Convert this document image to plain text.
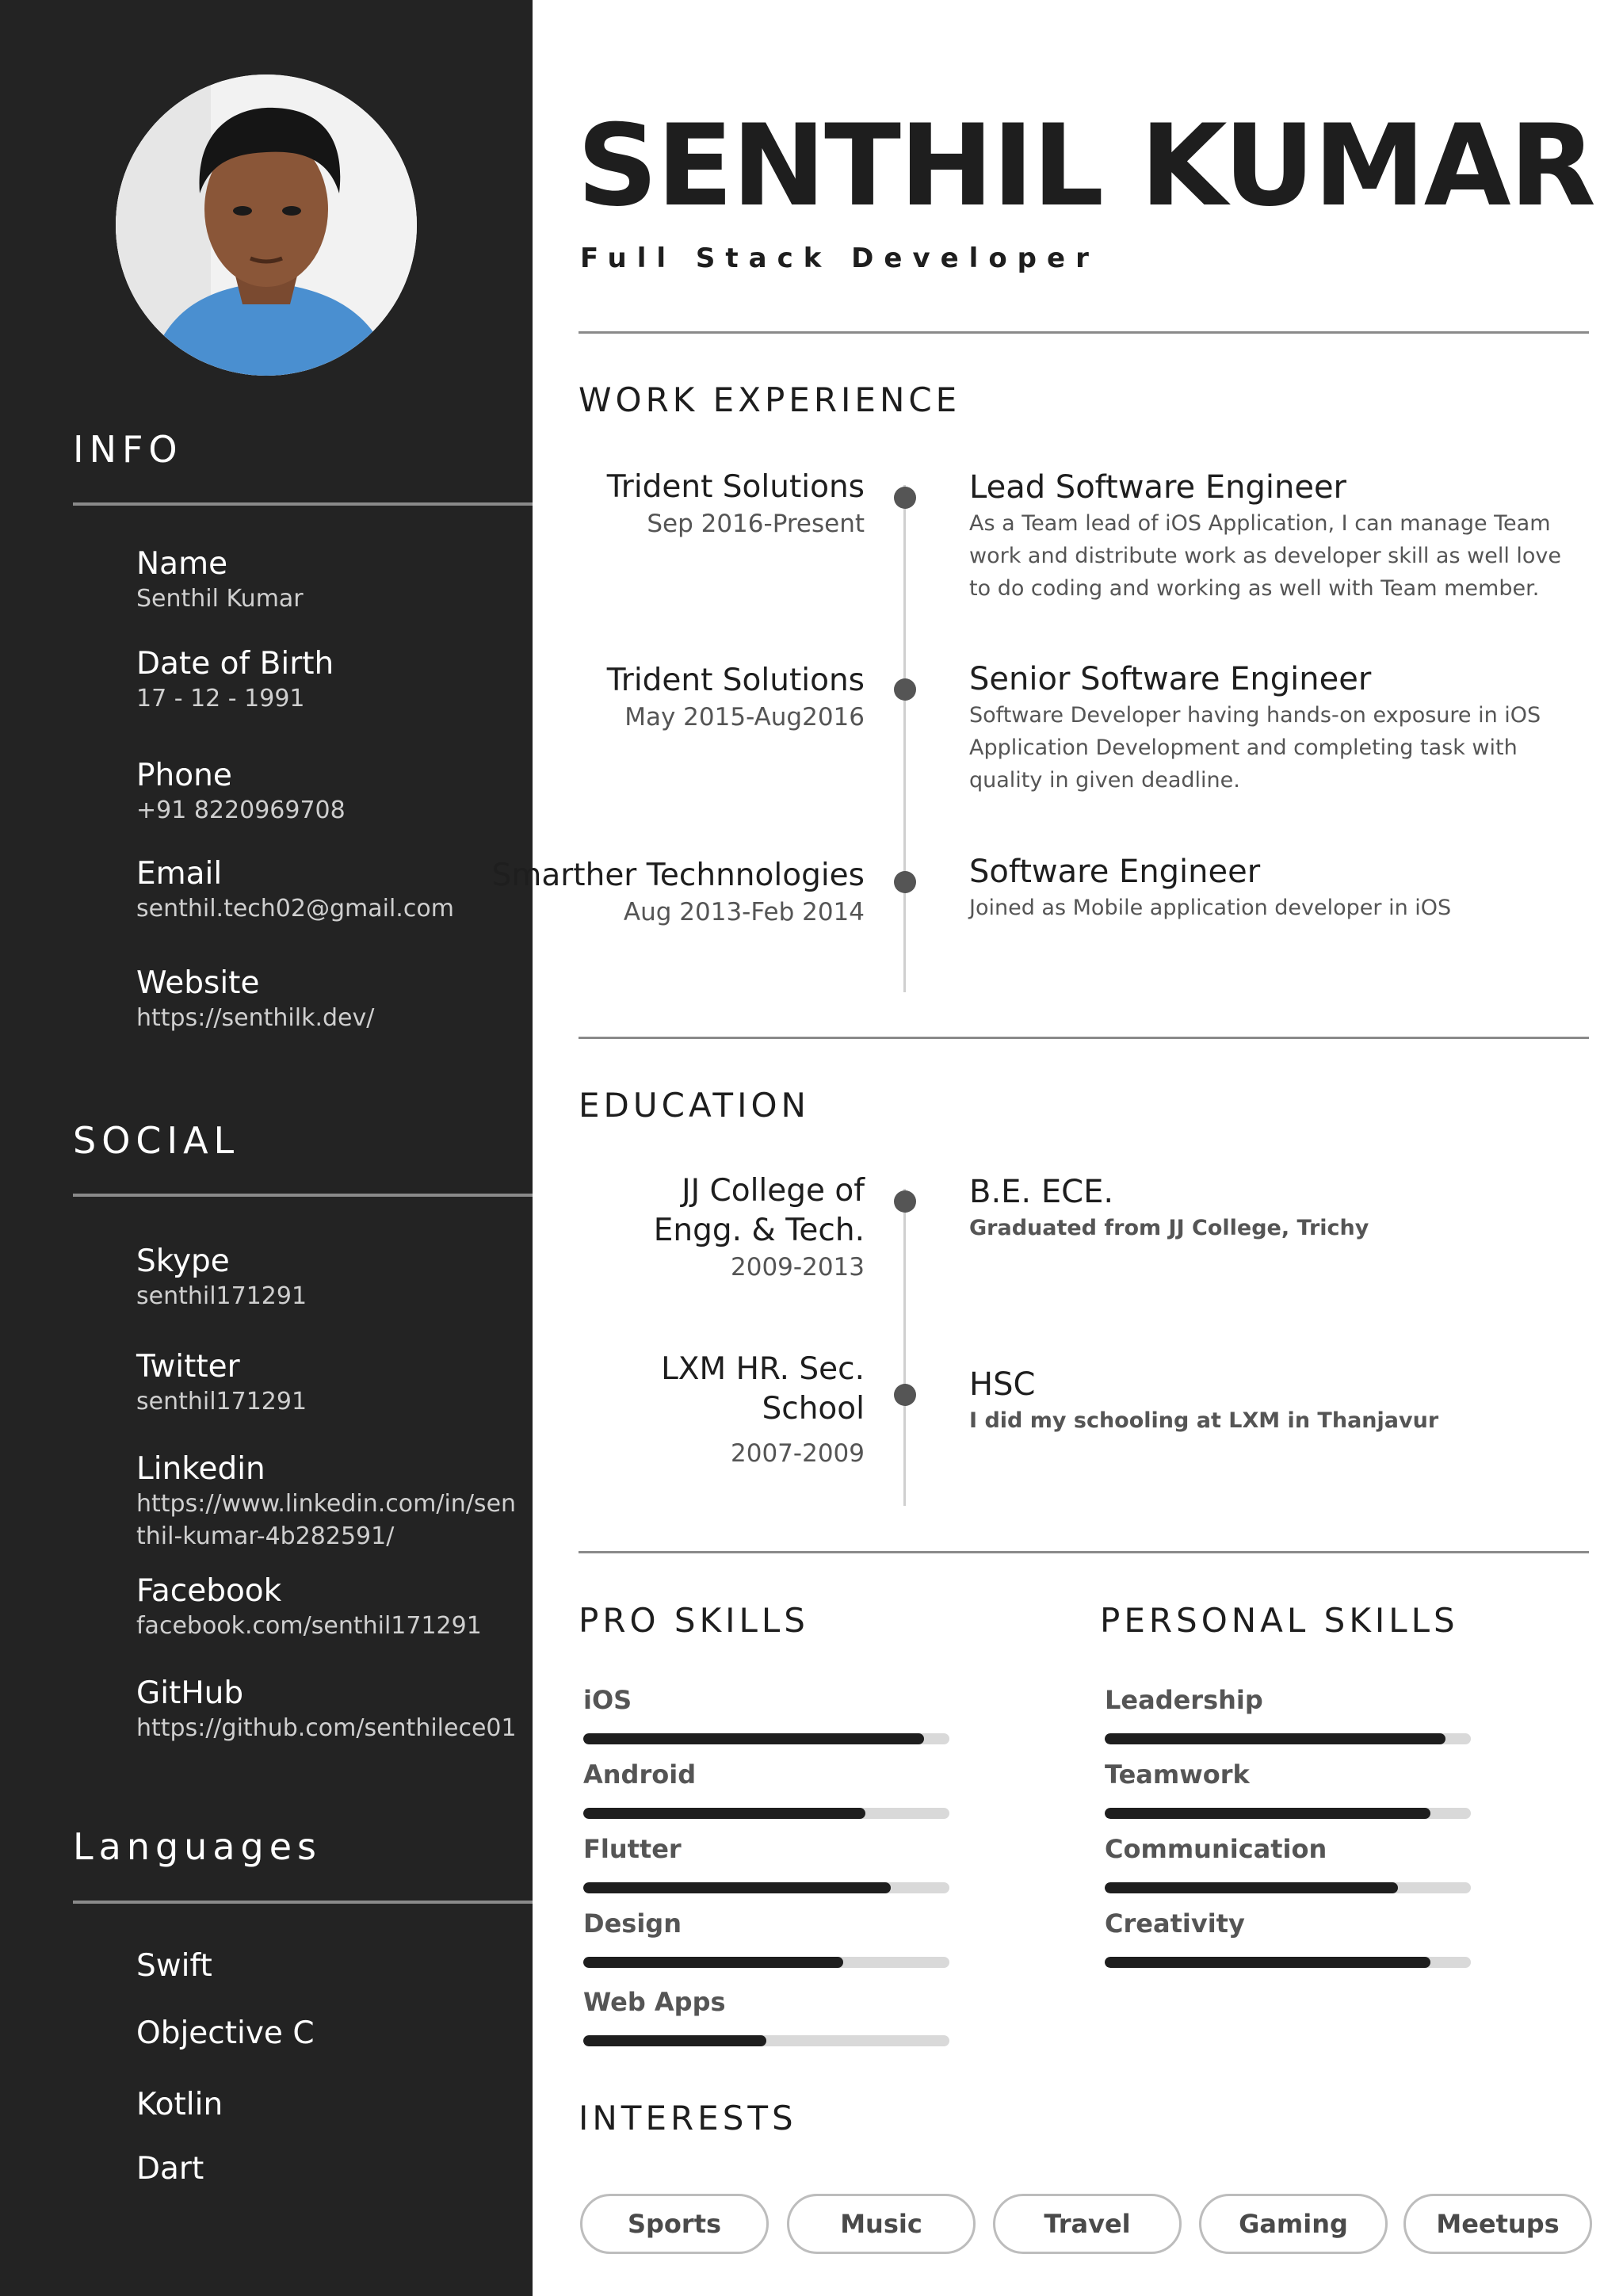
INFO
Name
Senthil Kumar
Date of Birth
17 - 12 - 1991
Phone
+91 8220969708
Email
senthil.tech02@gmail.com
Website
https://senthilk.dev/
SOCIAL
Skype
senthil171291
Twitter
senthil171291
Linkedin
https://www.linkedin.com/in/senthil-kumar-4b282591/
Facebook
facebook.com/senthil171291
GitHub
https://github.com/senthilece01
Languages
Swift
Objective C
Kotlin
Dart
SENTHIL KUMAR
Full Stack Developer
WORK EXPERIENCE
Trident Solutions
Sep 2016-Present
Lead Software Engineer
As a Team lead of iOS Application, I can manage Team work and distribute work as developer skill as well love to do coding and working as well with Team member.
Trident Solutions
May 2015-Aug2016
Senior Software Engineer
Software Developer having hands-on exposure in iOS Application Development and completing task with quality in given deadline.
Smarther Technnologies
Aug 2013-Feb 2014
Software Engineer
Joined as Mobile application developer in iOS
EDUCATION
JJ College of Engg. & Tech.
2009-2013
B.E. ECE.
Graduated from JJ College, Trichy
LXM HR. Sec. School
2007-2009
HSC
I did my schooling at LXM in Thanjavur
PRO SKILLS	PERSONAL SKILLS
iOS
Android
Flutter
Design
Web Apps
Leadership
Teamwork
Communication
Creativity
INTERESTS
Sports	Music	Travel	Gaming	Meetups
